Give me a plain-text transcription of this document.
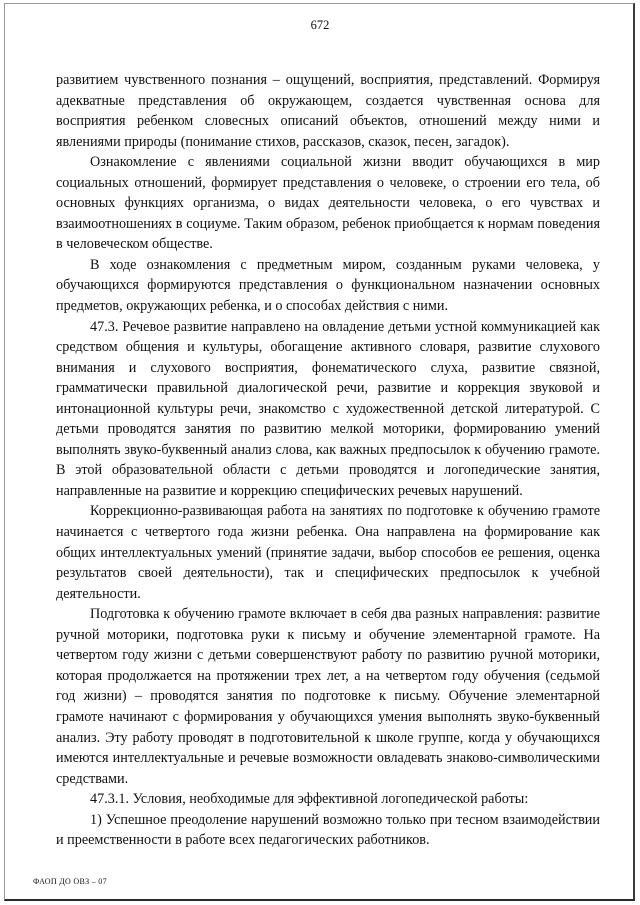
672

развитием чувственного познания – ощущений, восприятия, представлений. Формируя адекватные представления об окружающем, создается чувственная основа для восприятия ребенком словесных описаний объектов, отношений между ними и явлениями природы (понимание стихов, рассказов, сказок, песен, загадок).

Ознакомление с явлениями социальной жизни вводит обучающихся в мир социальных отношений, формирует представления о человеке, о строении его тела, об основных функциях организма, о видах деятельности человека, о его чувствах и взаимоотношениях в социуме. Таким образом, ребенок приобщается к нормам поведения в человеческом обществе.

В ходе ознакомления с предметным миром, созданным руками человека, у обучающихся формируются представления о функциональном назначении основных предметов, окружающих ребенка, и о способах действия с ними.

47.3. Речевое развитие направлено на овладение детьми устной коммуникацией как средством общения и культуры, обогащение активного словаря, развитие слухового внимания и слухового восприятия, фонематического слуха, развитие связной, грамматически правильной диалогической речи, развитие и коррекция звуковой и интонационной культуры речи, знакомство с художественной детской литературой. С детьми проводятся занятия по развитию мелкой моторики, формированию умений выполнять звуко-буквенный анализ слова, как важных предпосылок к обучению грамоте. В этой образовательной области с детьми проводятся и логопедические занятия, направленные на развитие и коррекцию специфических речевых нарушений.

Коррекционно-развивающая работа на занятиях по подготовке к обучению грамоте начинается с четвертого года жизни ребенка. Она направлена на формирование как общих интеллектуальных умений (принятие задачи, выбор способов ее решения, оценка результатов своей деятельности), так и специфических предпосылок к учебной деятельности.

Подготовка к обучению грамоте включает в себя два разных направления: развитие ручной моторики, подготовка руки к письму и обучение элементарной грамоте. На четвертом году жизни с детьми совершенствуют работу по развитию ручной моторики, которая продолжается на протяжении трех лет, а на четвертом году обучения (седьмой год жизни) – проводятся занятия по подготовке к письму. Обучение элементарной грамоте начинают с формирования у обучающихся умения выполнять звуко-буквенный анализ. Эту работу проводят в подготовительной к школе группе, когда у обучающихся имеются интеллектуальные и речевые возможности овладевать знаково-символическими средствами.

47.3.1. Условия, необходимые для эффективной логопедической работы:

1) Успешное преодоление нарушений возможно только при тесном взаимодействии и преемственности в работе всех педагогических работников.

ФАОП ДО ОВЗ – 07
